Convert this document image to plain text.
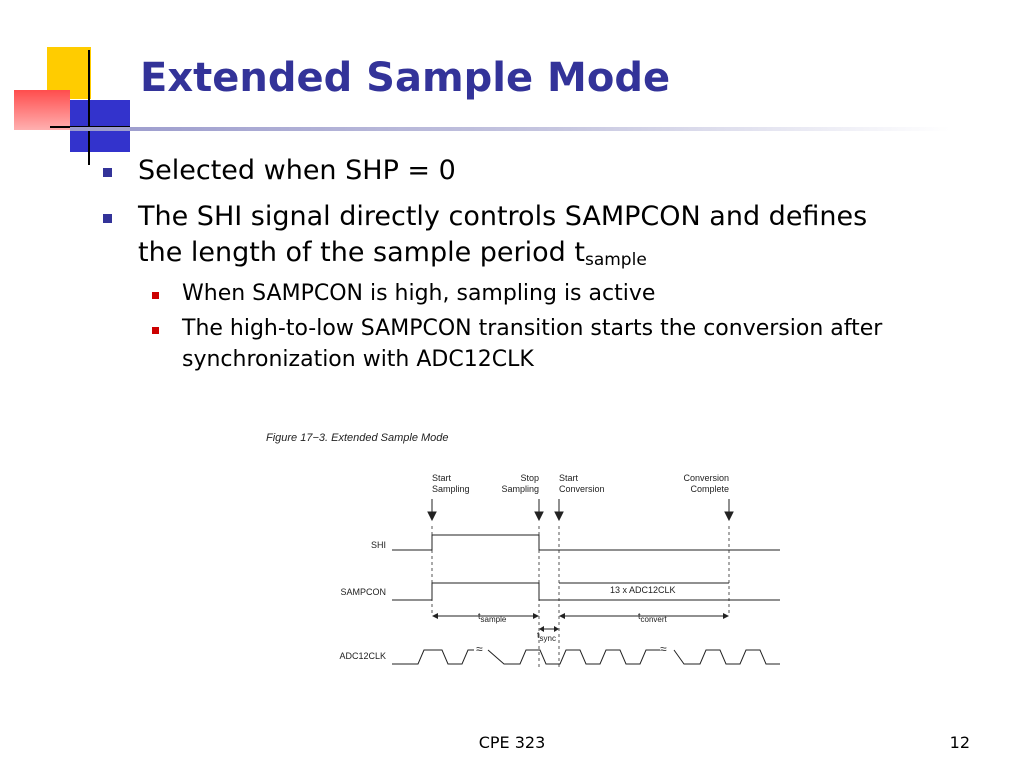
Extended Sample Mode
Selected when SHP = 0
The SHI signal directly controls SAMPCON and defines
the length of the sample period $t_{sample}$
When SAMPCON is high, sampling is active
The high-to-low SAMPCON transition starts the conversion after
synchronization with ADC12CLK
Figure 17−3. Extended Sample Mode
Start
Sampling
Stop
Sampling
Start
Conversion
Conversion
Complete
SHI
SAMPCON
ADC12CLK	≈	≈
13 x ADC12CLK
tsample
tsync
tconvert
CPE 323	12
